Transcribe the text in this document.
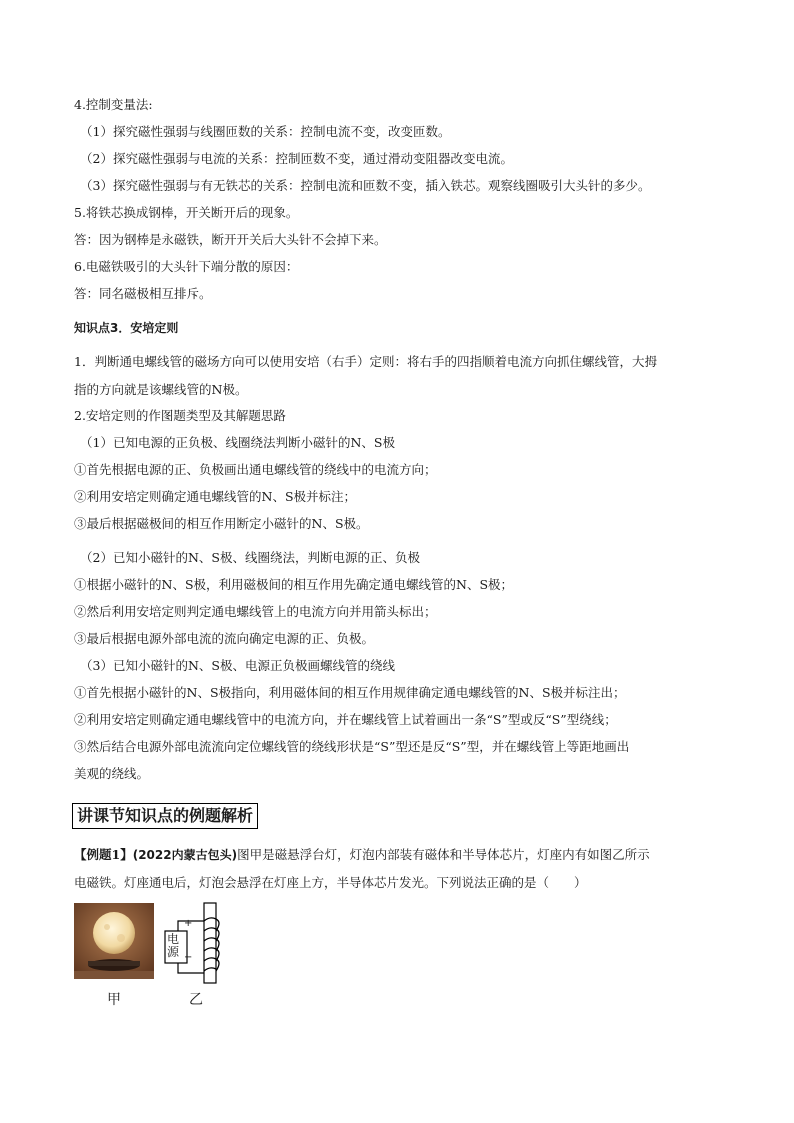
4.控制变量法:
（1）探究磁性强弱与线圈匝数的关系：控制电流不变，改变匝数。
（2）探究磁性强弱与电流的关系：控制匝数不变，通过滑动变阻器改变电流。
（3）探究磁性强弱与有无铁芯的关系：控制电流和匝数不变，插入铁芯。观察线圈吸引大头针的多少。
5.将铁芯换成钢棒，开关断开后的现象。
答：因为钢棒是永磁铁，断开开关后大头针不会掉下来。
6.电磁铁吸引的大头针下端分散的原因：
答：同名磁极相互排斥。
知识点3．安培定则
1．判断通电螺线管的磁场方向可以使用安培（右手）定则：将右手的四指顺着电流方向抓住螺线管，大拇
指的方向就是该螺线管的N极。
2.安培定则的作图题类型及其解题思路
（1）已知电源的正负极、线圈绕法判断小磁针的N、S极
①首先根据电源的正、负极画出通电螺线管的绕线中的电流方向；
②利用安培定则确定通电螺线管的N、S极并标注；
③最后根据磁极间的相互作用断定小磁针的N、S极。
（2）已知小磁针的N、S极、线圈绕法，判断电源的正、负极
①根据小磁针的N、S极，利用磁极间的相互作用先确定通电螺线管的N、S极；
②然后利用安培定则判定通电螺线管上的电流方向并用箭头标出；
③最后根据电源外部电流的流向确定电源的正、负极。
（3）已知小磁针的N、S极、电源正负极画螺线管的绕线
①首先根据小磁针的N、S极指向，利用磁体间的相互作用规律确定通电螺线管的N、S极并标注出；
②利用安培定则确定通电螺线管中的电流方向，并在螺线管上试着画出一条“S”型或反“S”型绕线；
③然后结合电源外部电流流向定位螺线管的绕线形状是“S”型还是反“S”型，并在螺线管上等距地画出
美观的绕线。
讲课节知识点的例题解析
【例题1】(2022内蒙古包头)图甲是磁悬浮台灯，灯泡内部装有磁体和半导体芯片，灯座内有如图乙所示
电磁铁。灯座通电后，灯泡会悬浮在灯座上方，半导体芯片发光。下列说法正确的是（　　）
甲
电
源
+
−
乙
